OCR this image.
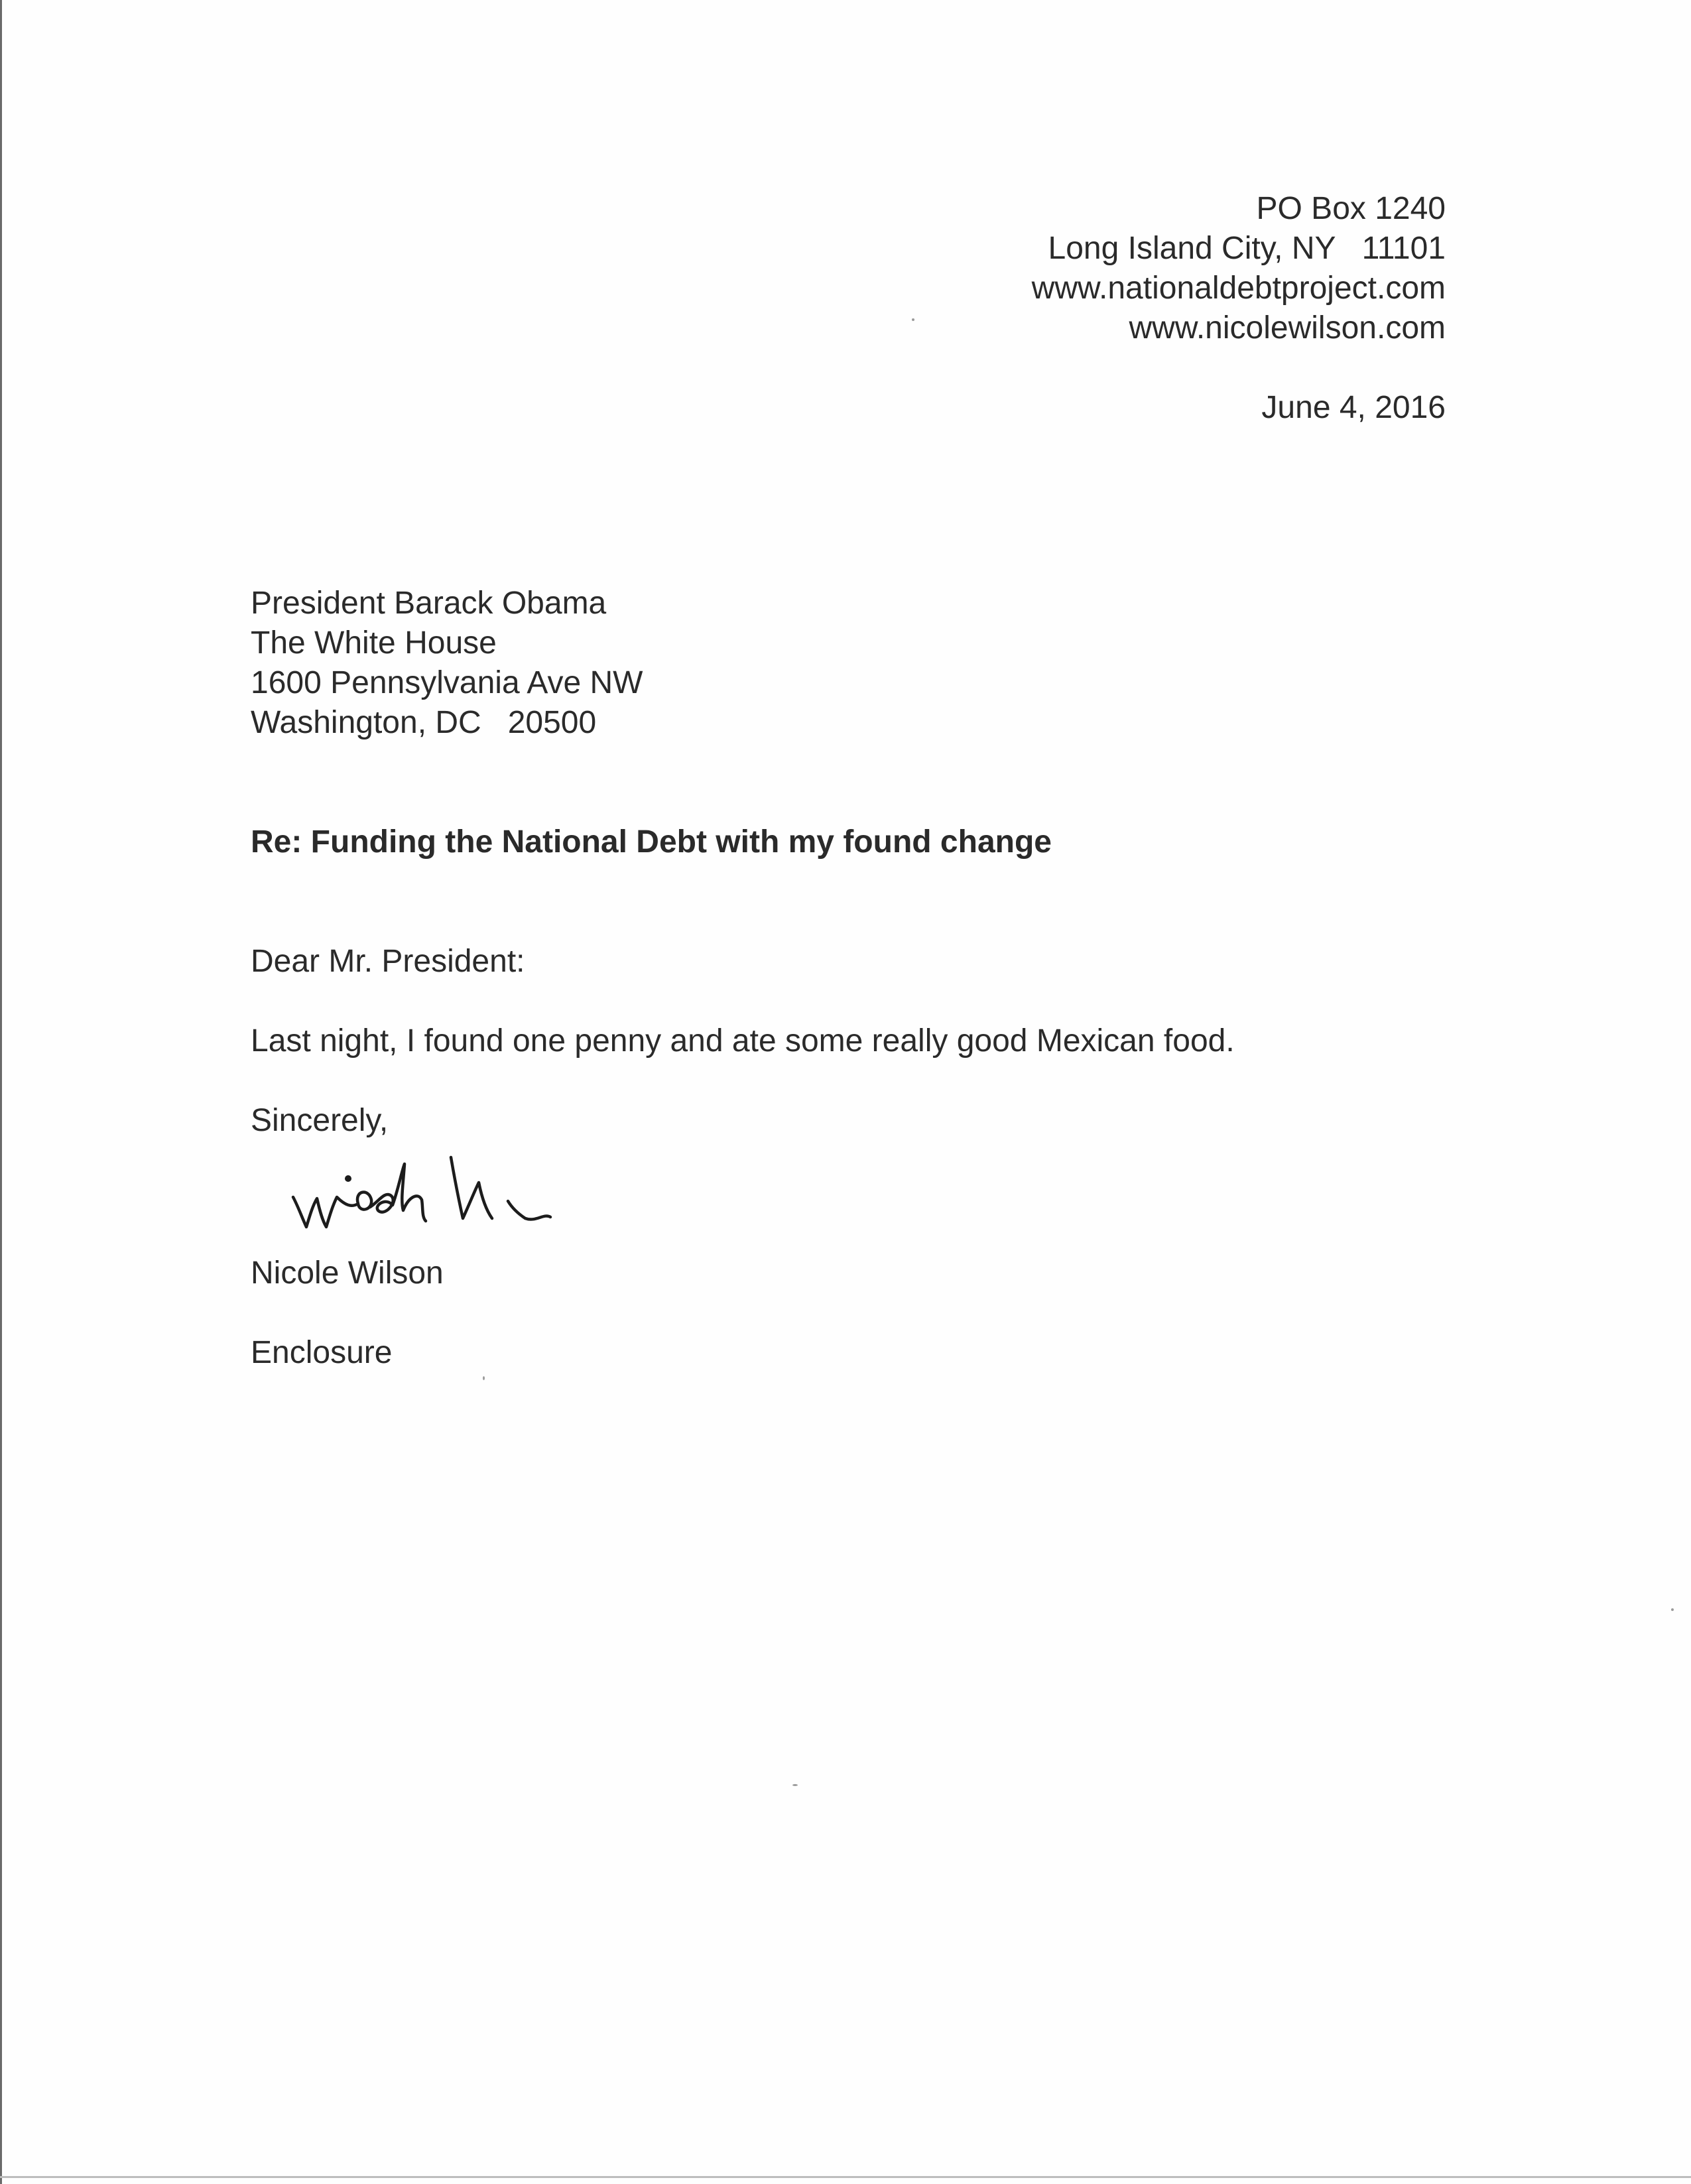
PO Box 1240
Long Island City, NY   11101
www.nationaldebtproject.com
www.nicolewilson.com
June 4, 2016
President Barack Obama
The White House
1600 Pennsylvania Ave NW
Washington, DC   20500
Re: Funding the National Debt with my found change
Dear Mr. President:
Last night, I found one penny and ate some really good Mexican food.
Sincerely,
Nicole Wilson
Enclosure
